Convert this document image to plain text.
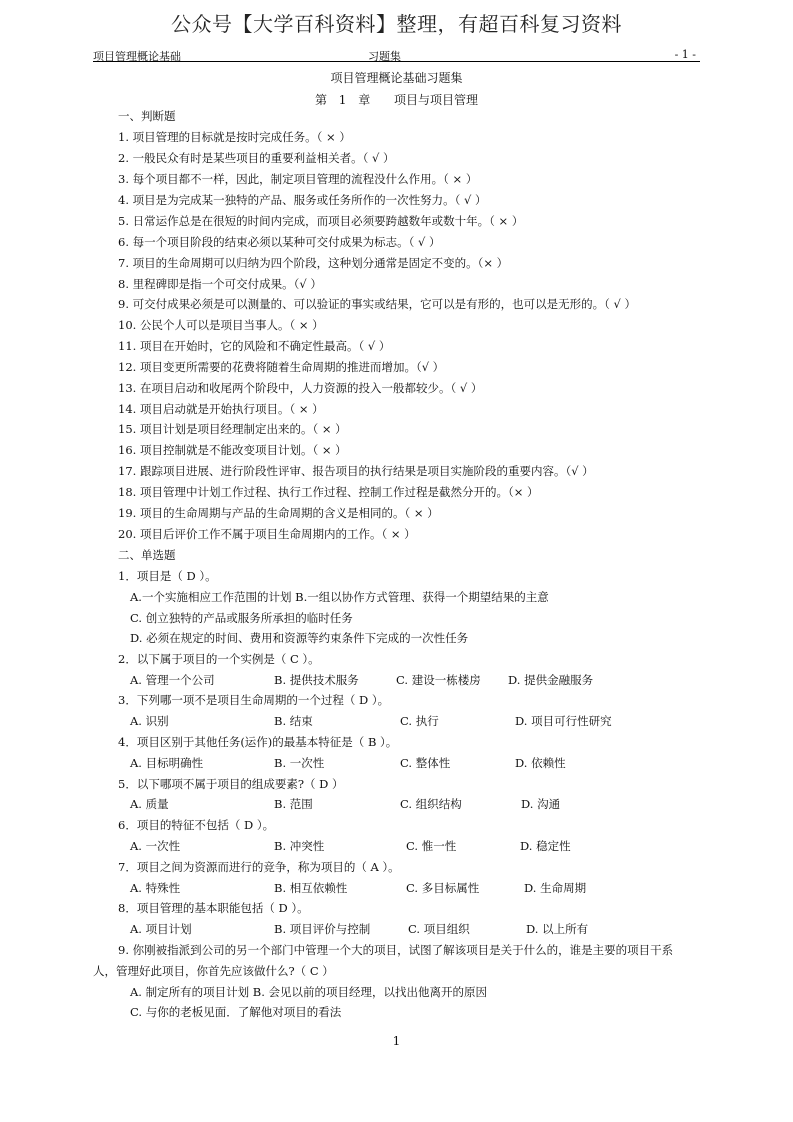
公众号【大学百科资料】整理，有超百科复习资料
项目管理概论基础	习题集	- 1 -
项目管理概论基础习题集
第 1 章　 项目与项目管理
一、判断题
1. 项目管理的目标就是按时完成任务。（ × ）
2. 一般民众有时是某些项目的重要利益相关者。（ √ ）
3. 每个项目都不一样，因此，制定项目管理的流程没什么作用。（ × ）
4. 项目是为完成某一独特的产品、服务或任务所作的一次性努力。（ √ ）
5. 日常运作总是在很短的时间内完成，而项目必须要跨越数年或数十年。（ × ）
6. 每一个项目阶段的结束必须以某种可交付成果为标志。（ √ ）
7. 项目的生命周期可以归纳为四个阶段，这种划分通常是固定不变的。（× ）
8. 里程碑即是指一个可交付成果。（√ ）
9. 可交付成果必须是可以测量的、可以验证的事实或结果，它可以是有形的，也可以是无形的。（ √ ）
10. 公民个人可以是项目当事人。（ × ）
11. 项目在开始时，它的风险和不确定性最高。（ √ ）
12. 项目变更所需要的花费将随着生命周期的推进而增加。（√ ）
13. 在项目启动和收尾两个阶段中，人力资源的投入一般都较少。（ √ ）
14. 项目启动就是开始执行项目。（ × ）
15. 项目计划是项目经理制定出来的。（ × ）
16. 项目控制就是不能改变项目计划。（ × ）
17. 跟踪项目进展、进行阶段性评审、报告项目的执行结果是项目实施阶段的重要内容。（√ ）
18. 项目管理中计划工作过程、执行工作过程、控制工作过程是截然分开的。（× ）
19. 项目的生命周期与产品的生命周期的含义是相同的。（ × ）
20. 项目后评价工作不属于项目生命周期内的工作。（ × ）
二、单选题
1．项目是（ D ）。
A.一个实施相应工作范围的计划 B.一组以协作方式管理、获得一个期望结果的主意
C. 创立独特的产品或服务所承担的临时任务
D. 必须在规定的时间、费用和资源等约束条件下完成的一次性任务
2．以下属于项目的一个实例是（ C ）。
A. 管理一个公司	B. 提供技术服务	C. 建设一栋楼房 D. 提供金融服务
3．下列哪一项不是项目生命周期的一个过程（ D ）。
A. 识别	B. 结束	C. 执行	D. 项目可行性研究
4．项目区别于其他任务(运作)的最基本特征是（ B ）。
A. 目标明确性	B. 一次性	C. 整体性	D. 依赖性
5．以下哪项不属于项目的组成要素?（ D ）
A. 质量	B. 范围	C. 组织结构	D. 沟通
6．项目的特征不包括（ D ）。
A. 一次性	B. 冲突性	C. 惟一性	D. 稳定性
7．项目之间为资源而进行的竞争，称为项目的（ A ）。
A. 特殊性	B. 相互依赖性	C. 多目标属性	D. 生命周期
8．项目管理的基本职能包括（ D ）。
A. 项目计划	B. 项目评价与控制	C. 项目组织	D. 以上所有
9. 你刚被指派到公司的另一个部门中管理一个大的项目，试图了解该项目是关于什么的，谁是主要的项目干系
人，管理好此项目，你首先应该做什么?（ C ）
A. 制定所有的项目计划 B. 会见以前的项目经理，以找出他离开的原因
C. 与你的老板见面．了解他对项目的看法
1
